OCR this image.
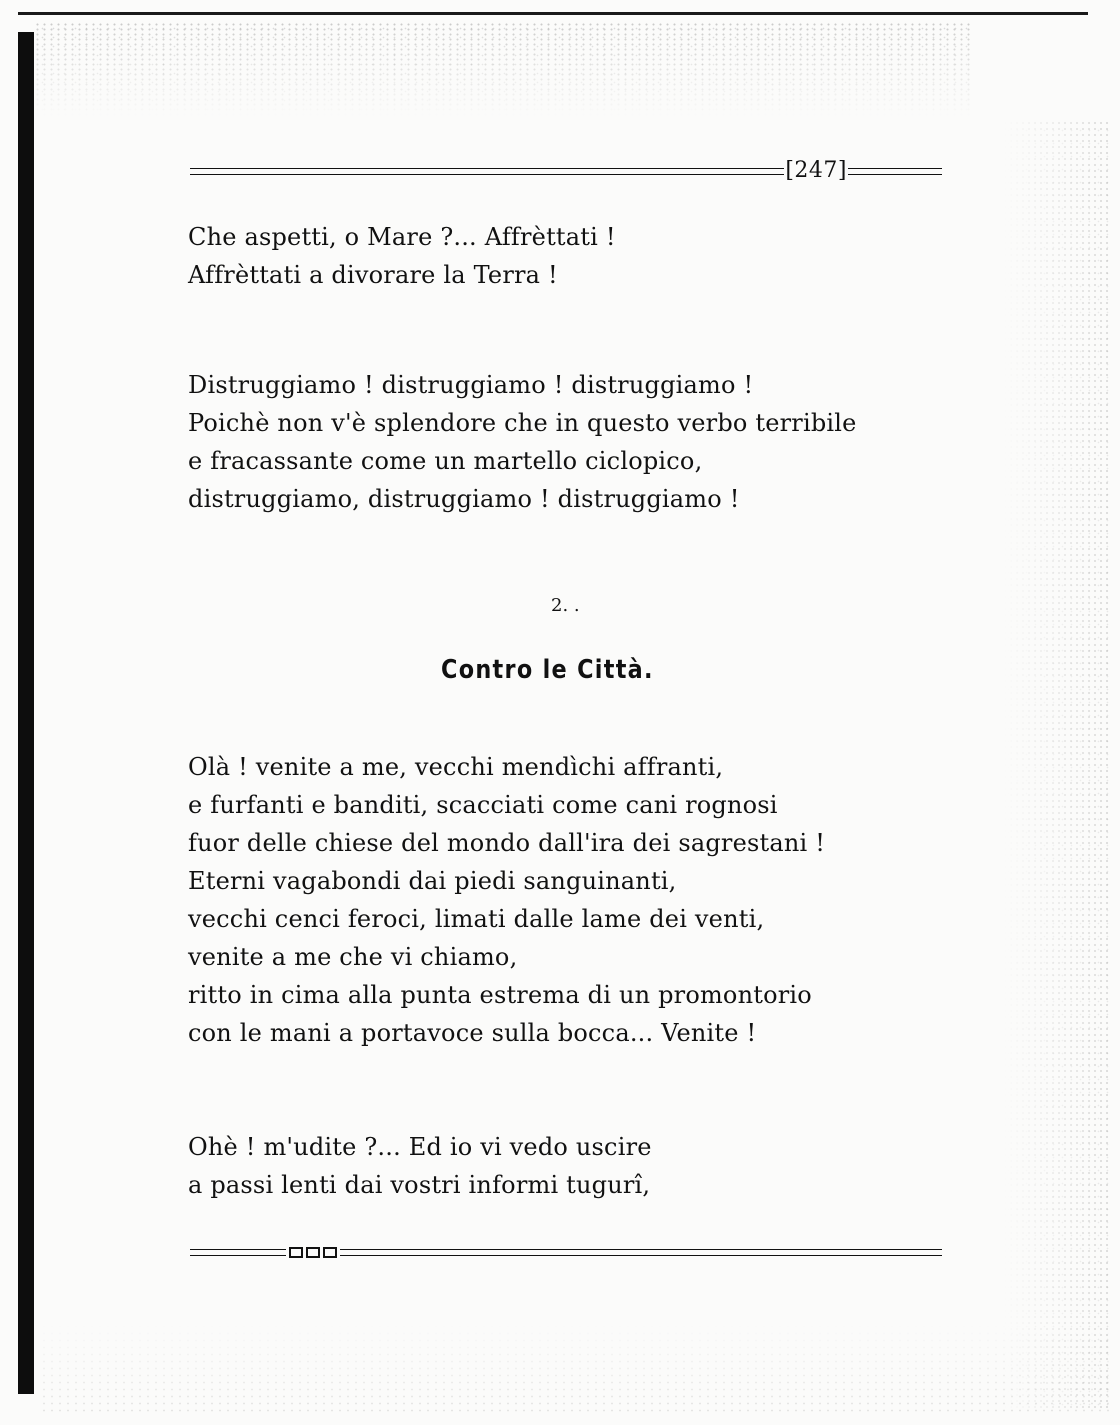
[247]

Che aspetti, o Mare ?... Affrèttati !
Affrèttati a divorare la Terra !

Distruggiamo ! distruggiamo ! distruggiamo !
Poichè non v'è splendore che in questo verbo terribile
e fracassante come un martello ciclopico,
distruggiamo, distruggiamo ! distruggiamo !

2. .
Contro le Città.

Olà ! venite a me, vecchi mendìchi affranti,
e furfanti e banditi, scacciati come cani rognosi
fuor delle chiese del mondo dall'ira dei sagrestani !
Eterni vagabondi dai piedi sanguinanti,
vecchi cenci feroci, limati dalle lame dei venti,
venite a me che vi chiamo,
ritto in cima alla punta estrema di un promontorio
con le mani a portavoce sulla bocca... Venite !

Ohè ! m'udite ?... Ed io vi vedo uscire
a passi lenti dai vostri informi tugurî,
